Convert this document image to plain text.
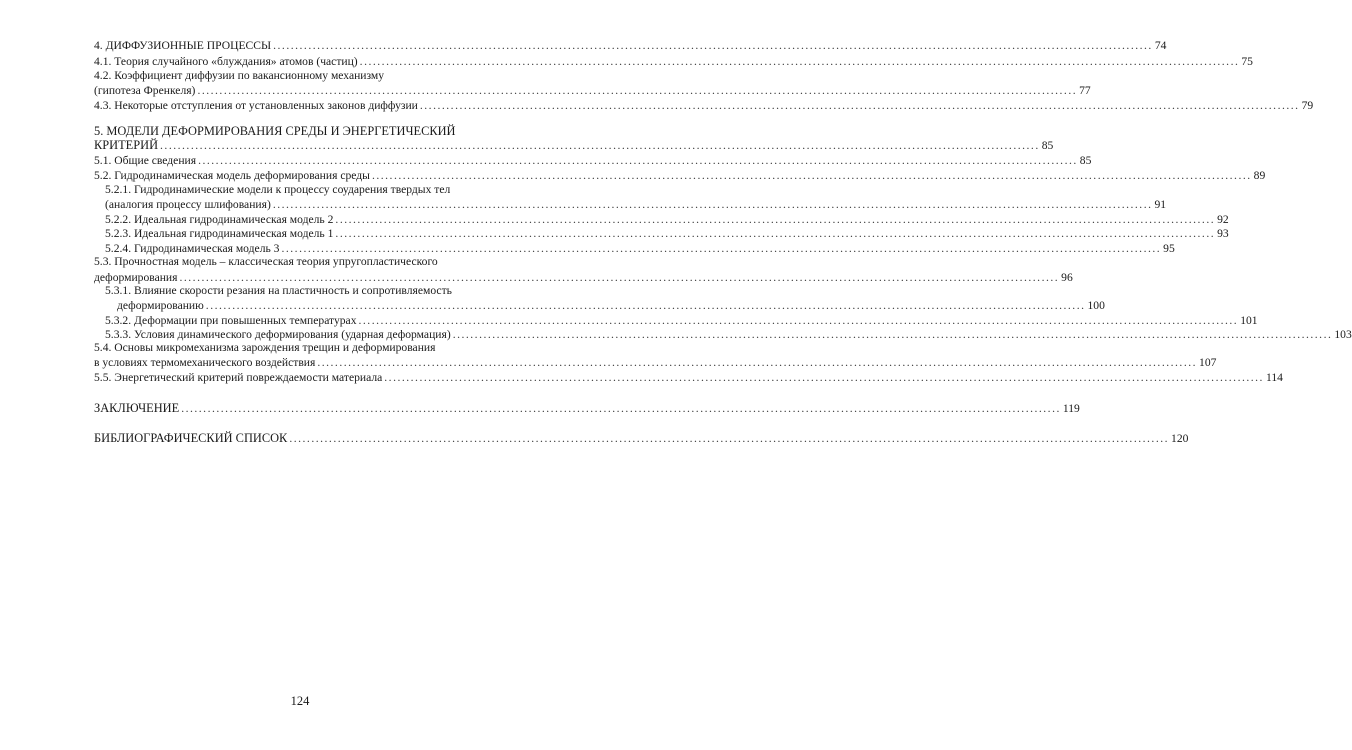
4. ДИФФУЗИОННЫЕ ПРОЦЕССЫ ........................................................................................................................................................................................................ 74
4.1. Теория случайного «блуждания» атомов (частиц) ........................................................................................................................................................................................................ 75
4.2. Коэффициент диффузии по вакансионному механизму
(гипотеза Френкеля) ........................................................................................................................................................................................................ 77
4.3. Некоторые отступления от установленных законов диффузии ........................................................................................................................................................................................................ 79
5. МОДЕЛИ ДЕФОРМИРОВАНИЯ СРЕДЫ И ЭНЕРГЕТИЧЕСКИЙ
КРИТЕРИЙ ........................................................................................................................................................................................................ 85
5.1. Общие сведения ........................................................................................................................................................................................................ 85
5.2. Гидродинамическая модель деформирования среды ........................................................................................................................................................................................................ 89
5.2.1. Гидродинамические модели к процессу соударения твердых тел
(аналогия процессу шлифования) ........................................................................................................................................................................................................ 91
5.2.2. Идеальная гидродинамическая модель 2 ........................................................................................................................................................................................................ 92
5.2.3. Идеальная гидродинамическая модель 1 ........................................................................................................................................................................................................ 93
5.2.4. Гидродинамическая модель 3 ........................................................................................................................................................................................................ 95
5.3. Прочностная модель – классическая теория упругопластического
деформирования ........................................................................................................................................................................................................ 96
5.3.1. Влияние скорости резания на пластичность и сопротивляемость
деформированию ........................................................................................................................................................................................................ 100
5.3.2. Деформации при повышенных температурах ........................................................................................................................................................................................................ 101
5.3.3. Условия динамического деформирования (ударная деформация) ........................................................................................................................................................................................................ 103
5.4. Основы микромеханизма зарождения трещин и деформирования
в условиях термомеханического воздействия ........................................................................................................................................................................................................ 107
5.5. Энергетический критерий повреждаемости материала ........................................................................................................................................................................................................ 114
ЗАКЛЮЧЕНИЕ ........................................................................................................................................................................................................ 119
БИБЛИОГРАФИЧЕСКИЙ СПИСОК ........................................................................................................................................................................................................ 120
124
